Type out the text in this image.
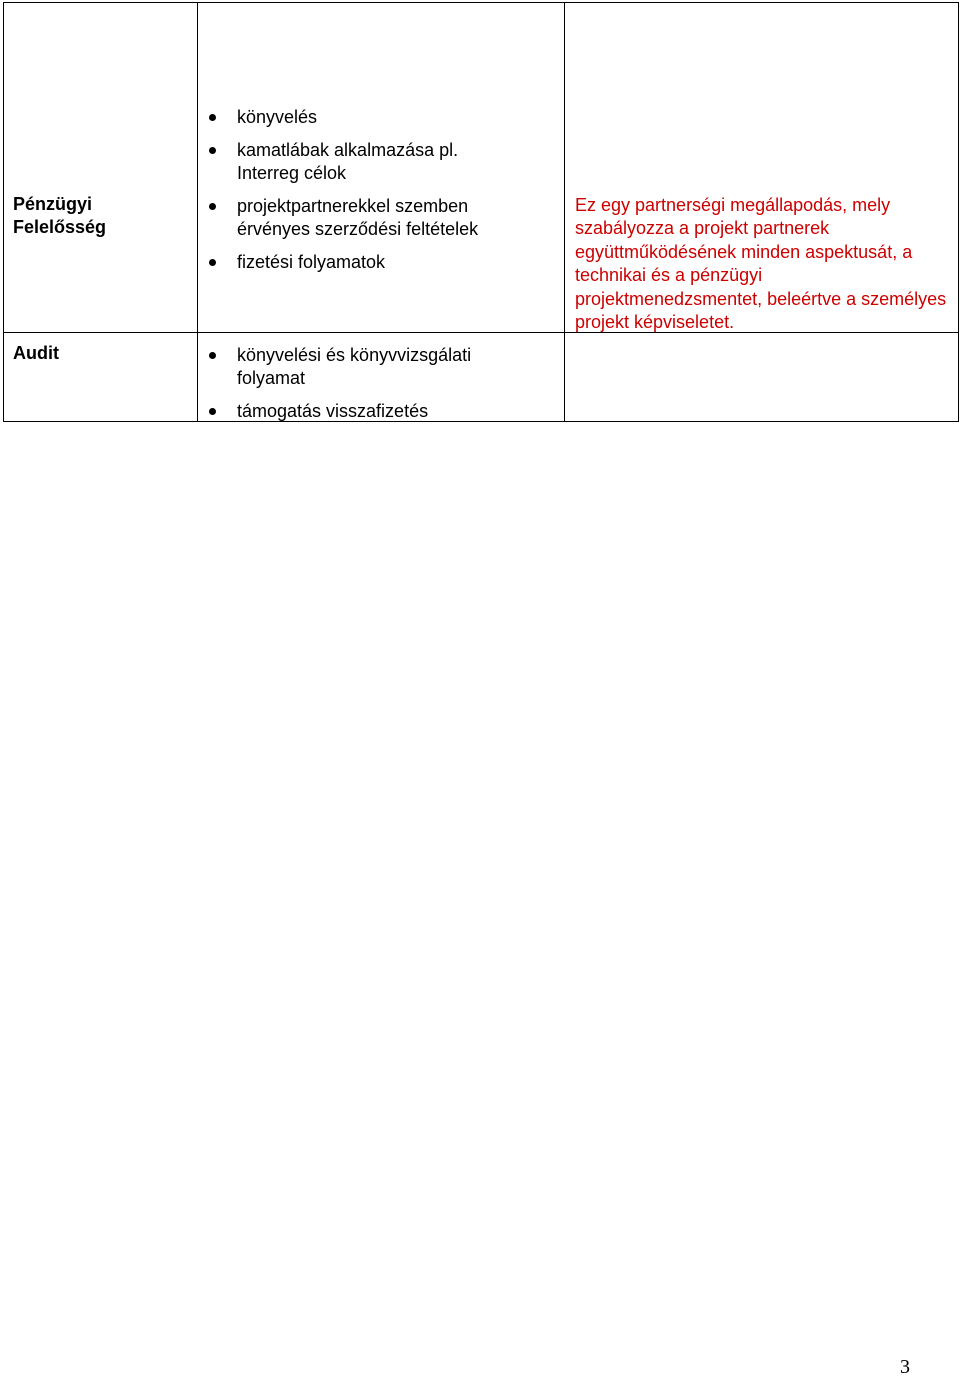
Pénzügyi Felelősség
könyvelés
kamatlábak alkalmazása pl. Interreg célok
projektpartnerekkel szemben érvényes szerződési feltételek
fizetési folyamatok
Ez egy partnerségi megállapodás, mely szabályozza a projekt partnerek együttműködésének minden aspektusát, a technikai és a pénzügyi projektmenedzsmentet, beleértve a személyes projekt képviseletet.
Audit	könyvelési és könyvvizsgálati folyamat
támogatás visszafizetés
3
